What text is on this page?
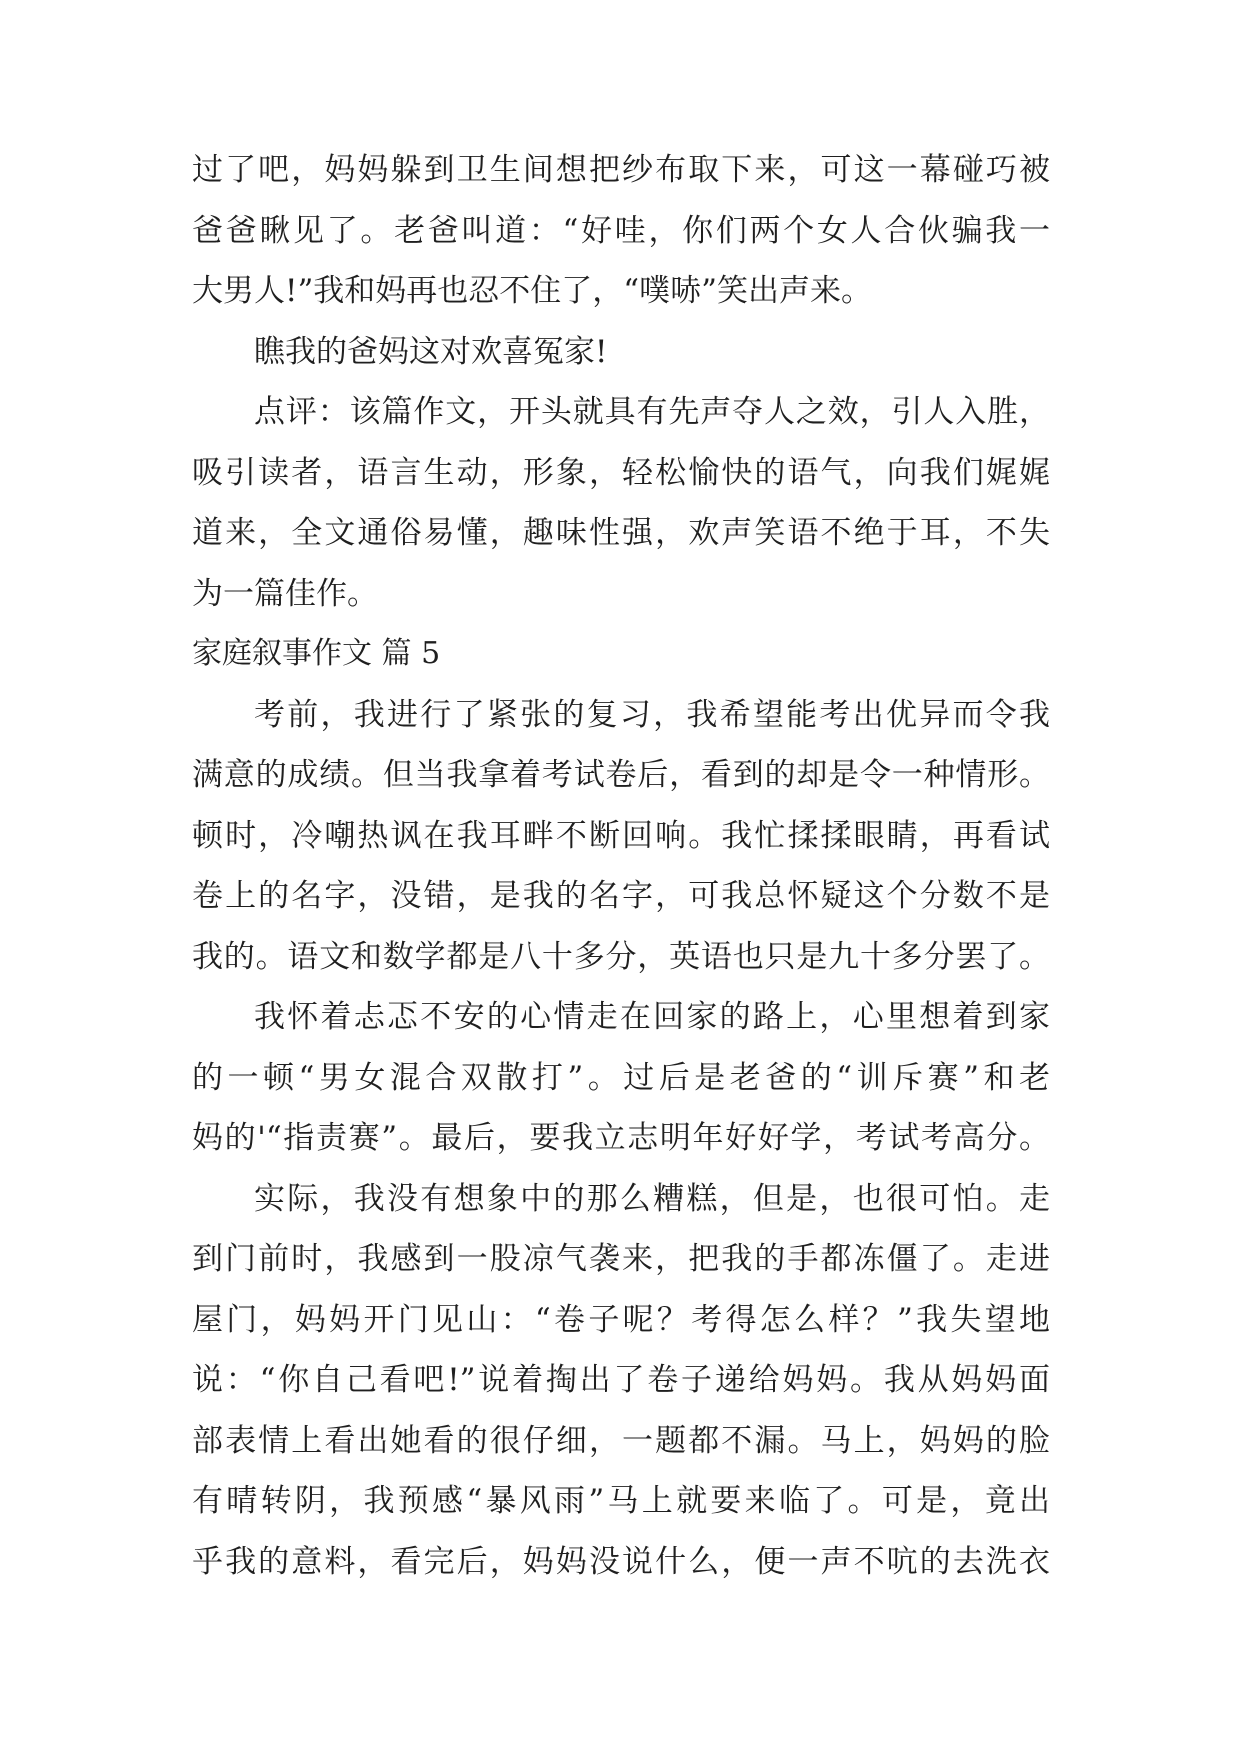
过了吧，妈妈躲到卫生间想把纱布取下来，可这一幕碰巧被
爸爸瞅见了。老爸叫道：“好哇，你们两个女人合伙骗我一
大男人!”我和妈再也忍不住了，“噗哧”笑出声来。
瞧我的爸妈这对欢喜冤家!
点评：该篇作文，开头就具有先声夺人之效，引人入胜，
吸引读者，语言生动，形象，轻松愉快的语气，向我们娓娓
道来，全文通俗易懂，趣味性强，欢声笑语不绝于耳，不失
为一篇佳作。
家庭叙事作文 篇 5
考前，我进行了紧张的复习，我希望能考出优异而令我
满意的成绩。但当我拿着考试卷后，看到的却是令一种情形。
顿时，冷嘲热讽在我耳畔不断回响。我忙揉揉眼睛，再看试
卷上的名字，没错，是我的名字，可我总怀疑这个分数不是
我的。语文和数学都是八十多分，英语也只是九十多分罢了。
我怀着忐忑不安的心情走在回家的路上，心里想着到家
的一顿“男女混合双散打”。过后是老爸的“训斥赛”和老
妈的'“指责赛”。最后，要我立志明年好好学，考试考高分。
实际，我没有想象中的那么糟糕，但是，也很可怕。走
到门前时，我感到一股凉气袭来，把我的手都冻僵了。走进
屋门，妈妈开门见山：“卷子呢？考得怎么样？”我失望地
说：“你自己看吧!”说着掏出了卷子递给妈妈。我从妈妈面
部表情上看出她看的很仔细，一题都不漏。马上，妈妈的脸
有晴转阴，我预感“暴风雨”马上就要来临了。可是，竟出
乎我的意料，看完后，妈妈没说什么，便一声不吭的去洗衣
